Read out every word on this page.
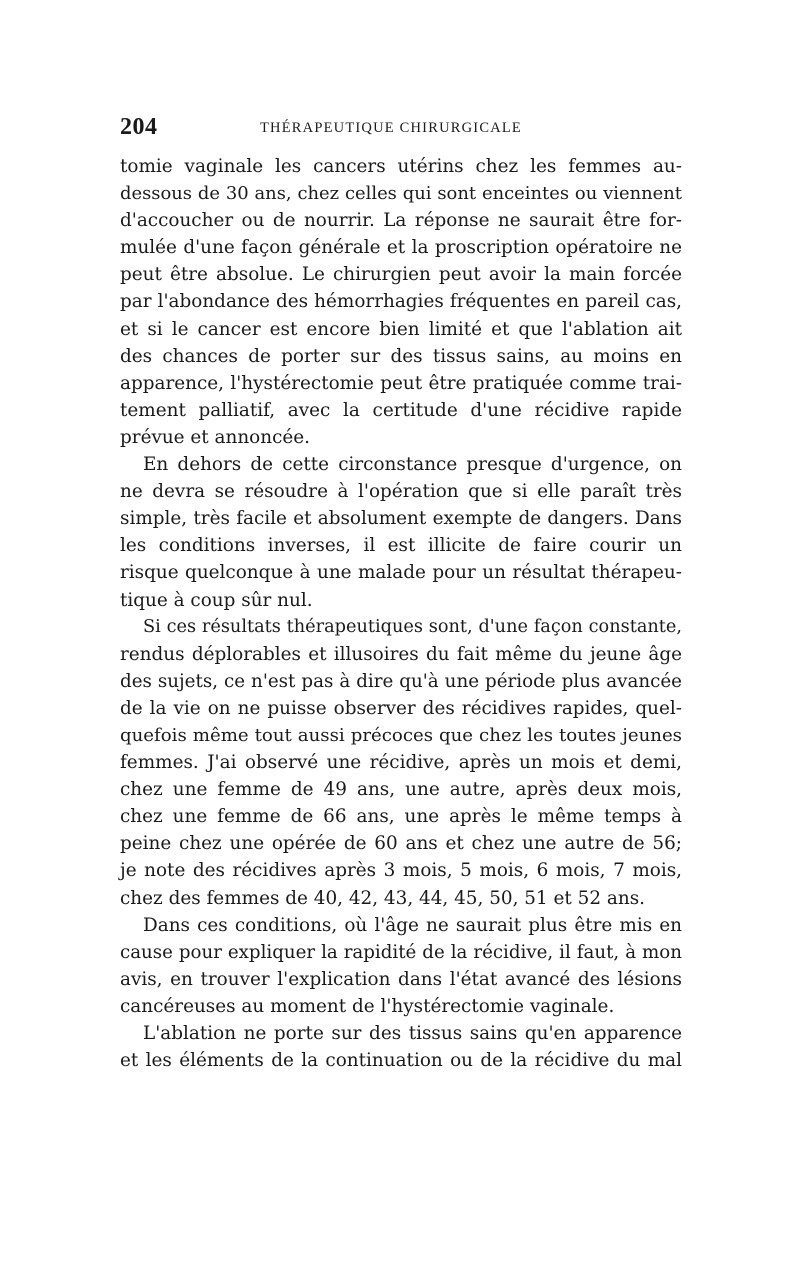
204	THÉRAPEUTIQUE CHIRURGICALE
tomie vaginale les cancers utérins chez les femmes au-
dessous de 30 ans, chez celles qui sont enceintes ou viennent
d'accoucher ou de nourrir. La réponse ne saurait être for-
mulée d'une façon générale et la proscription opératoire ne
peut être absolue. Le chirurgien peut avoir la main forcée
par l'abondance des hémorrhagies fréquentes en pareil cas,
et si le cancer est encore bien limité et que l'ablation ait
des chances de porter sur des tissus sains, au moins en
apparence, l'hystérectomie peut être pratiquée comme trai-
tement palliatif, avec la certitude d'une récidive rapide
prévue et annoncée.
En dehors de cette circonstance presque d'urgence, on
ne devra se résoudre à l'opération que si elle paraît très
simple, très facile et absolument exempte de dangers. Dans
les conditions inverses, il est illicite de faire courir un
risque quelconque à une malade pour un résultat thérapeu-
tique à coup sûr nul.
Si ces résultats thérapeutiques sont, d'une façon constante,
rendus déplorables et illusoires du fait même du jeune âge
des sujets, ce n'est pas à dire qu'à une période plus avancée
de la vie on ne puisse observer des récidives rapides, quel-
quefois même tout aussi précoces que chez les toutes jeunes
femmes. J'ai observé une récidive, après un mois et demi,
chez une femme de 49 ans, une autre, après deux mois,
chez une femme de 66 ans, une après le même temps à
peine chez une opérée de 60 ans et chez une autre de 56;
je note des récidives après 3 mois, 5 mois, 6 mois, 7 mois,
chez des femmes de 40, 42, 43, 44, 45, 50, 51 et 52 ans.
Dans ces conditions, où l'âge ne saurait plus être mis en
cause pour expliquer la rapidité de la récidive, il faut, à mon
avis, en trouver l'explication dans l'état avancé des lésions
cancéreuses au moment de l'hystérectomie vaginale.
L'ablation ne porte sur des tissus sains qu'en apparence
et les éléments de la continuation ou de la récidive du mal
